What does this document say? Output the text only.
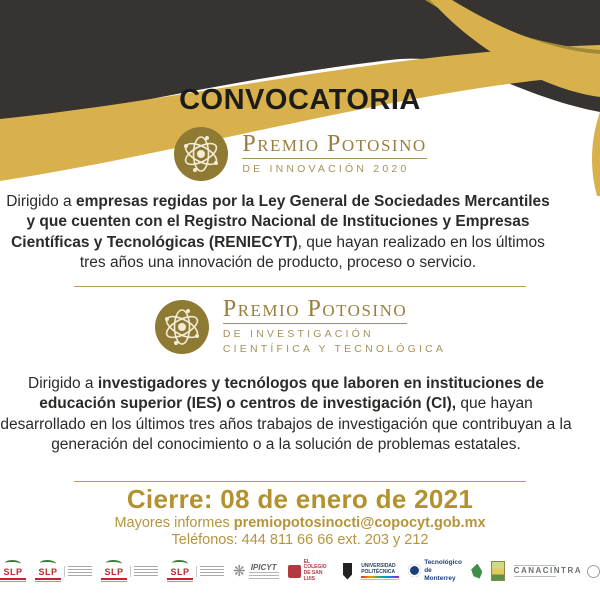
CONVOCATORIA
Premio Potosino
DE INNOVACIÓN 2020

Dirigido a empresas regidas por la Ley General de Sociedades Mercantiles y que cuenten con el Registro Nacional de Instituciones y Empresas Científicas y Tecnológicas (RENIECYT), que hayan realizado en los últimos tres años una innovación de producto, proceso o servicio.

Premio Potosino
DE INVESTIGACIÓN
CIENTÍFICA Y TECNOLÓGICA

Dirigido a investigadores y tecnólogos que laboren en instituciones de educación superior (IES) o centros de investigación (CI), que hayan desarrollado en los últimos tres años trabajos de investigación que contribuyan a la generación del conocimiento o a la solución de problemas estatales.

Cierre: 08 de enero de 2021
Mayores informes premiopotosinocti@copocyt.gob.mx
Teléfonos: 444 811 66 66 ext. 203 y 212
SLP SLP	SLP	SLP	❋ IPICYT
EL COLEGIO DE SAN LUIS
UNIVERSIDAD POLITÉCNICA
Tecnológico de Monterrey
CANACINTRA
